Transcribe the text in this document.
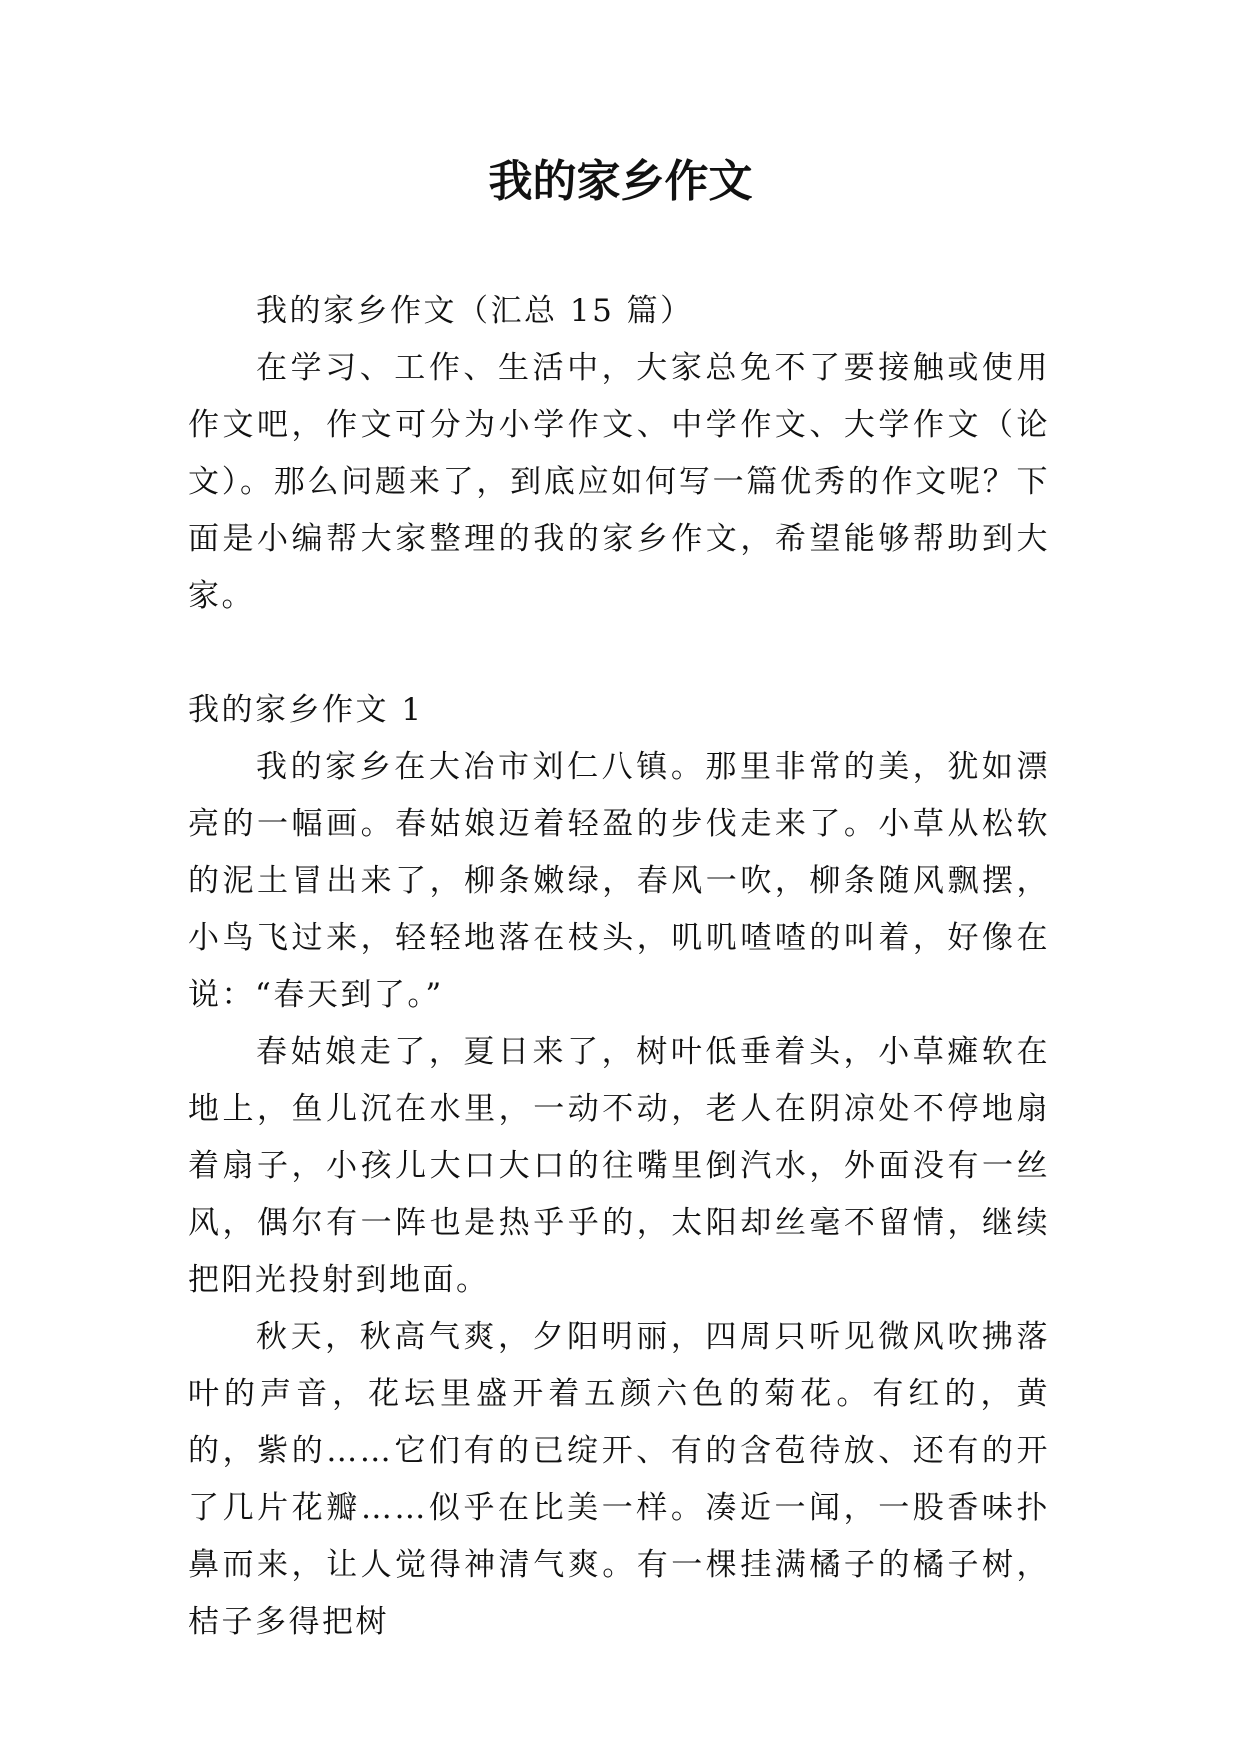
我的家乡作文

我的家乡作文（汇总 15 篇）

在学习、工作、生活中，大家总免不了要接触或使用作文吧，作文可分为小学作文、中学作文、大学作文（论文）。那么问题来了，到底应如何写一篇优秀的作文呢？下面是小编帮大家整理的我的家乡作文，希望能够帮助到大家。

我的家乡作文 1

我的家乡在大冶市刘仁八镇。那里非常的美，犹如漂亮的一幅画。春姑娘迈着轻盈的步伐走来了。小草从松软的泥土冒出来了，柳条嫩绿，春风一吹，柳条随风飘摆，小鸟飞过来，轻轻地落在枝头，叽叽喳喳的叫着，好像在说：“春天到了。”

春姑娘走了，夏日来了，树叶低垂着头，小草瘫软在地上，鱼儿沉在水里，一动不动，老人在阴凉处不停地扇着扇子，小孩儿大口大口的往嘴里倒汽水，外面没有一丝风，偶尔有一阵也是热乎乎的，太阳却丝毫不留情，继续把阳光投射到地面。

秋天，秋高气爽，夕阳明丽，四周只听见微风吹拂落叶的声音，花坛里盛开着五颜六色的菊花。有红的，黄的，紫的……它们有的已绽开、有的含苞待放、还有的开了几片花瓣……似乎在比美一样。凑近一闻，一股香味扑鼻而来，让人觉得神清气爽。有一棵挂满橘子的橘子树，桔子多得把树
